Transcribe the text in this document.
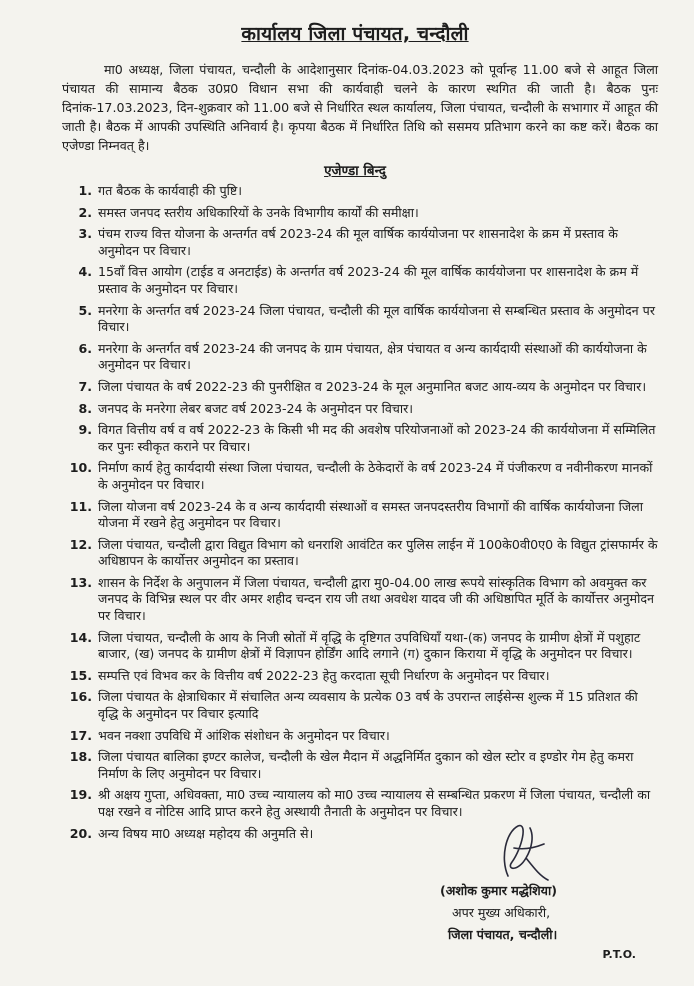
कार्यालय जिला पंचायत, चन्दौली

मा0 अध्यक्ष, जिला पंचायत, चन्दौली के आदेशानुसार दिनांक-04.03.2023 को पूर्वान्ह 11.00 बजे से आहूत जिला पंचायत की सामान्य बैठक उ0प्र0 विधान सभा की कार्यवाही चलने के कारण स्थगित की जाती है। बैठक पुनः दिनांक-17.03.2023, दिन-शुक्रवार को 11.00 बजे से निर्धारित स्थल कार्यालय, जिला पंचायत, चन्दौली के सभागार में आहूत की जाती है। बैठक में आपकी उपस्थिति अनिवार्य है। कृपया बैठक में निर्धारित तिथि को ससमय प्रतिभाग करने का कष्ट करें। बैठक का एजेण्डा निम्नवत् है।

एजेण्डा बिन्दु
1. गत बैठक के कार्यवाही की पुष्टि।
2. समस्त जनपद स्तरीय अधिकारियों के उनके विभागीय कार्यों की समीक्षा।
3. पंचम राज्य वित्त योजना के अन्तर्गत वर्ष 2023-24 की मूल वार्षिक कार्ययोजना पर शासनादेश के क्रम में प्रस्ताव के अनुमोदन पर विचार।
4. 15वॉं वित्त आयोग (टाईड व अनटाईड) के अन्तर्गत वर्ष 2023-24 की मूल वार्षिक कार्ययोजना पर शासनादेश के क्रम में प्रस्ताव के अनुमोदन पर विचार।
5. मनरेगा के अन्तर्गत वर्ष 2023-24 जिला पंचायत, चन्दौली की मूल वार्षिक कार्ययोजना से सम्बन्धित प्रस्ताव के अनुमोदन पर विचार।
6. मनरेगा के अन्तर्गत वर्ष 2023-24 की जनपद के ग्राम पंचायत, क्षेत्र पंचायत व अन्य कार्यदायी संस्थाओं की कार्ययोजना के अनुमोदन पर विचार।
7. जिला पंचायत के वर्ष 2022-23 की पुनरीक्षित व 2023-24 के मूल अनुमानित बजट आय-व्यय के अनुमोदन पर विचार।
8. जनपद के मनरेगा लेबर बजट वर्ष 2023-24 के अनुमोदन पर विचार।
9. विगत वित्तीय वर्ष व वर्ष 2022-23 के किसी भी मद की अवशेष परियोजनाओं को 2023-24 की कार्ययोजना में सम्मिलित कर पुनः स्वीकृत कराने पर विचार।
10. निर्माण कार्य हेतु कार्यदायी संस्था जिला पंचायत, चन्दौली के ठेकेदारों के वर्ष 2023-24 में पंजीकरण व नवीनीकरण मानकों के अनुमोदन पर विचार।
11. जिला योजना वर्ष 2023-24 के व अन्य कार्यदायी संस्थाओं व समस्त जनपदस्तरीय विभागों की वार्षिक कार्ययोजना जिला योजना में रखने हेतु अनुमोदन पर विचार।
12. जिला पंचायत, चन्दौली द्वारा विद्युत विभाग को धनराशि आवंटित कर पुलिस लाईन में 100के0वी0ए0 के विद्युत ट्रांसफार्मर के अधिष्ठापन के कार्योत्तर अनुमोदन का प्रस्ताव।
13. शासन के निर्देश के अनुपालन में जिला पंचायत, चन्दौली द्वारा मु0-04.00 लाख रूपये सांस्कृतिक विभाग को अवमुक्त कर जनपद के विभिन्न स्थल पर वीर अमर शहीद चन्दन राय जी तथा अवधेश यादव जी की अधिष्ठापित मूर्ति के कार्योत्तर अनुमोदन पर विचार।
14. जिला पंचायत, चन्दौली के आय के निजी स्रोतों में वृद्धि के दृष्टिगत उपविधियॉं यथा-(क) जनपद के ग्रामीण क्षेत्रों में पशुहाट बाजार, (ख) जनपद के ग्रामीण क्षेत्रों में विज्ञापन होर्डिंग आदि लगाने (ग) दुकान किराया में वृद्धि के अनुमोदन पर विचार।
15. सम्पत्ति एवं विभव कर के वित्तीय वर्ष 2022-23 हेतु करदाता सूची निर्धारण के अनुमोदन पर विचार।
16. जिला पंचायत के क्षेत्राधिकार में संचालित अन्य व्यवसाय के प्रत्येक 03 वर्ष के उपरान्त लाईसेन्स शुल्क में 15 प्रतिशत की वृद्धि के अनुमोदन पर विचार इत्यादि
17. भवन नक्शा उपविधि में आंशिक संशोधन के अनुमोदन पर विचार।
18. जिला पंचायत बालिका इण्टर कालेज, चन्दौली के खेल मैदान में अद्धनिर्मित दुकान को खेल स्टोर व इण्डोर गेम हेतु कमरा निर्माण के लिए अनुमोदन पर विचार।
19. श्री अक्षय गुप्ता, अधिवक्ता, मा0 उच्च न्यायालय को मा0 उच्च न्यायालय से सम्बन्धित प्रकरण में जिला पंचायत, चन्दौली का पक्ष रखने व नोटिस आदि प्राप्त करने हेतु अस्थायी तैनाती के अनुमोदन पर विचार।
20. अन्य विषय मा0 अध्यक्ष महोदय की अनुमति से।
(अशोक कुमार मद्धेशिया)
अपर मुख्य अधिकारी,
जिला पंचायत, चन्दौली।
P.T.O.
